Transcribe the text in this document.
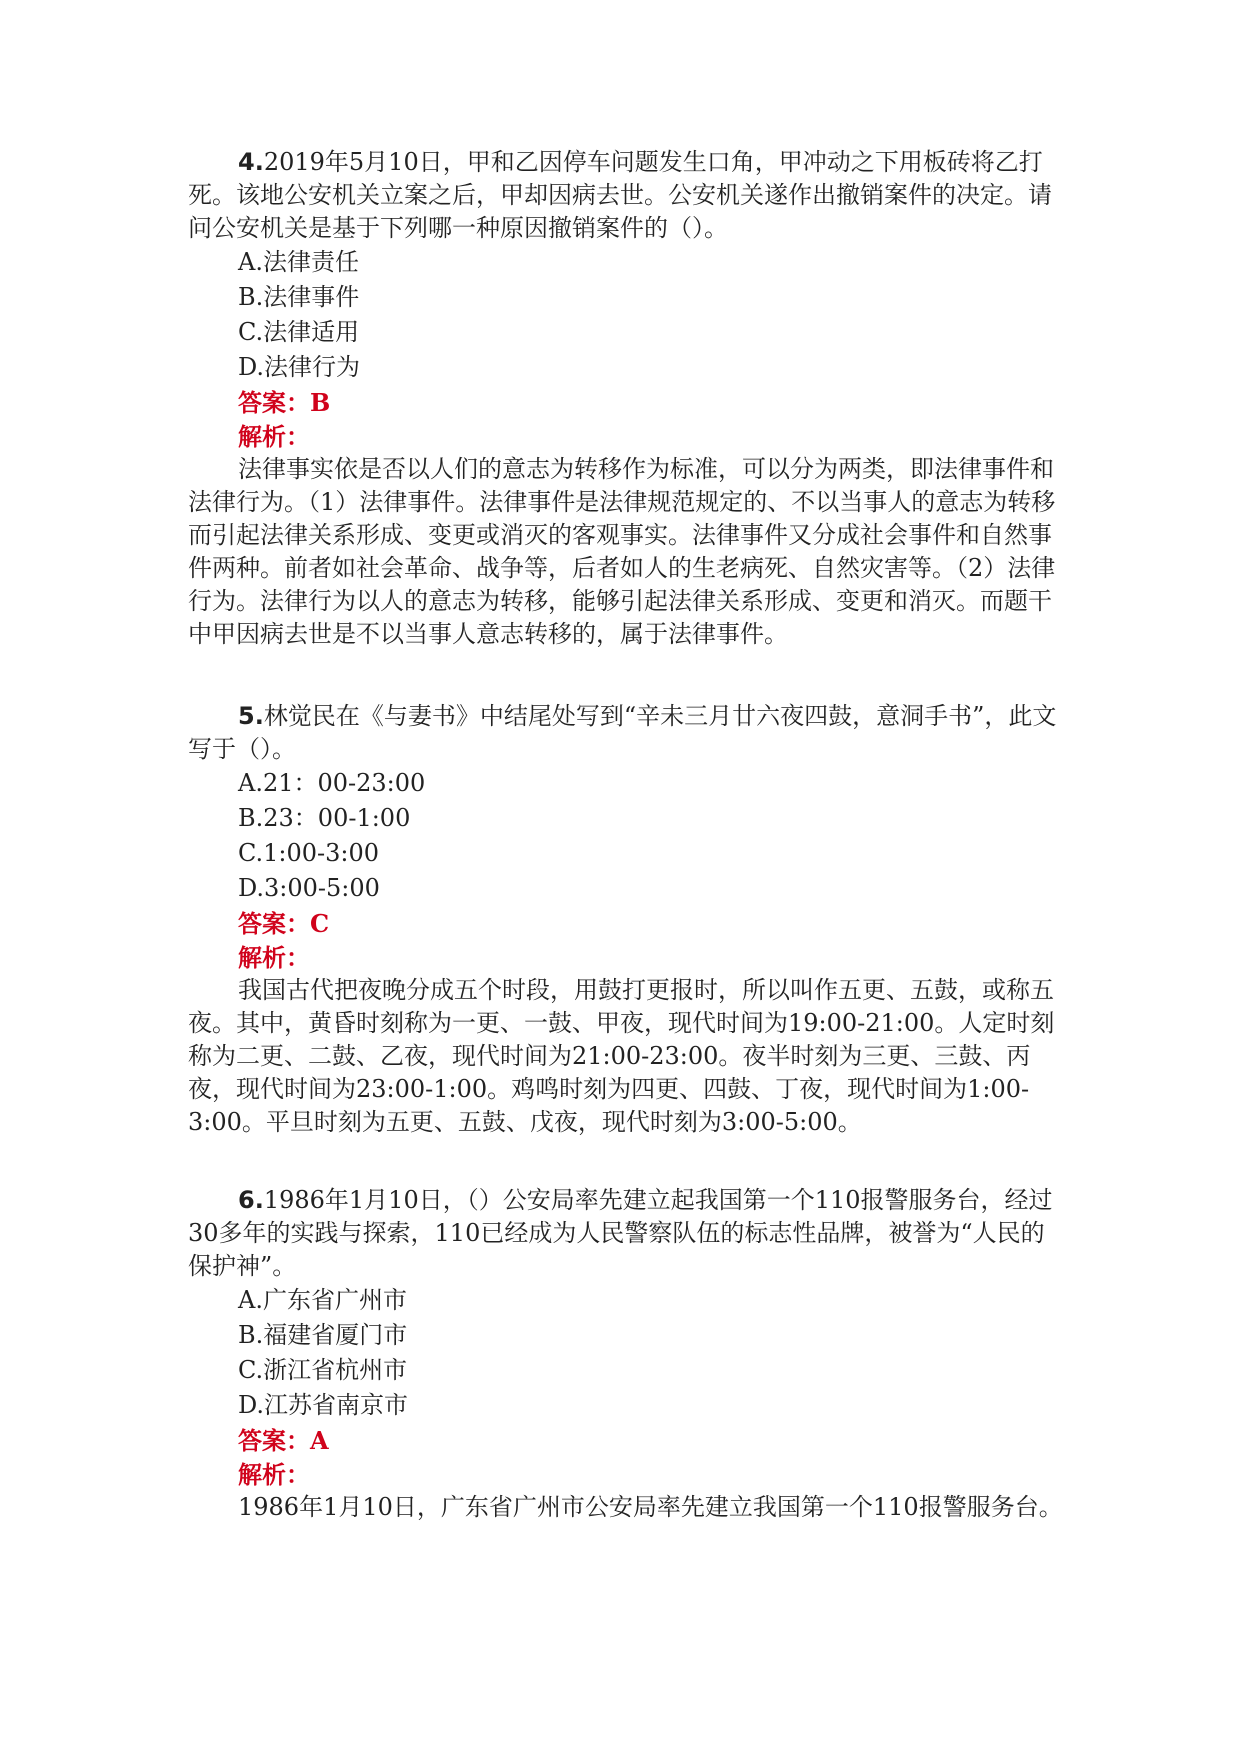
4.2019年5月10日，甲和乙因停车问题发生口角，甲冲动之下用板砖将乙打死。该地公安机关立案之后，甲却因病去世。公安机关遂作出撤销案件的决定。请问公安机关是基于下列哪一种原因撤销案件的（）。

A.法律责任

B.法律事件

C.法律适用

D.法律行为

答案：B

解析：

法律事实依是否以人们的意志为转移作为标准，可以分为两类，即法律事件和法律行为。（1）法律事件。法律事件是法律规范规定的、不以当事人的意志为转移而引起法律关系形成、变更或消灭的客观事实。法律事件又分成社会事件和自然事件两种。前者如社会革命、战争等，后者如人的生老病死、自然灾害等。（2）法律行为。法律行为以人的意志为转移，能够引起法律关系形成、变更和消灭。而题干中甲因病去世是不以当事人意志转移的，属于法律事件。

5.林觉民在《与妻书》中结尾处写到“辛未三月廿六夜四鼓，意洞手书”，此文写于（）。

A.21：00-23:00

B.23：00-1:00

C.1:00-3:00

D.3:00-5:00

答案：C

解析：

我国古代把夜晚分成五个时段，用鼓打更报时，所以叫作五更、五鼓，或称五夜。其中，黄昏时刻称为一更、一鼓、甲夜，现代时间为19:00-21:00。人定时刻称为二更、二鼓、乙夜，现代时间为21:00-23:00。夜半时刻为三更、三鼓、丙夜，现代时间为23:00-1:00。鸡鸣时刻为四更、四鼓、丁夜，现代时间为1:00-3:00。平旦时刻为五更、五鼓、戊夜，现代时刻为3:00-5:00。

6.1986年1月10日，（）公安局率先建立起我国第一个110报警服务台，经过30多年的实践与探索，110已经成为人民警察队伍的标志性品牌，被誉为“人民的保护神”。

A.广东省广州市

B.福建省厦门市

C.浙江省杭州市

D.江苏省南京市

答案：A

解析：

1986年1月10日，广东省广州市公安局率先建立我国第一个110报警服务台。
